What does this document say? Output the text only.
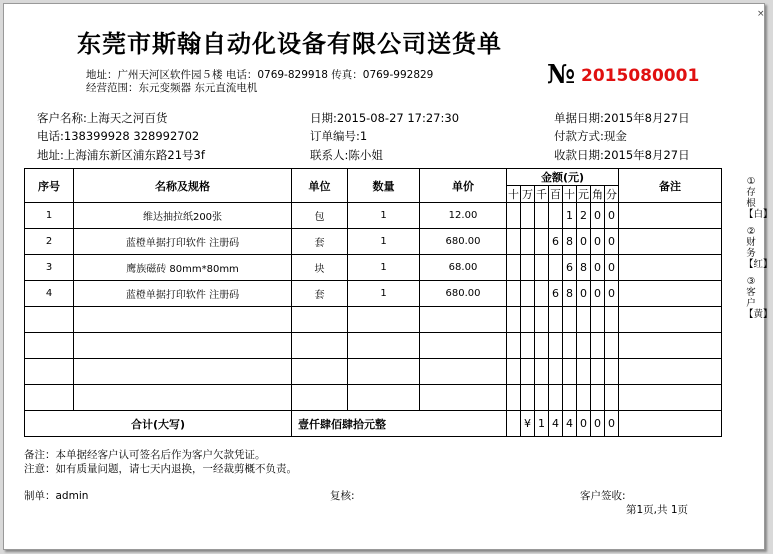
×
东莞市斯翰自动化设备有限公司送货单
地址：广州天河区软件园５楼 电话：0769-829918 传真：0769-992829
经营范围：东元变频器 东元直流电机	№ 2015080001
客户名称:上海天之河百货
电话:138399928 328992702
地址:上海浦东新区浦东路21号3f
日期:2015-08-27 17:27:30
订单编号:1
联系人:陈小姐
单据日期:2015年8月27日
付款方式:现金
收款日期:2015年8月27日
序号	名称及规格	单位	数量	单价	金额(元)								备注
					十	万	千	百	十	元	角	分	
1	维达抽拉纸200张	包	1	12.00					1	2	0	0	
2	蓝橙单据打印软件 注册码	套	1	680.00				6	8	0	0	0	
3	鹰族磁砖 80mm*80mm	块	1	68.00					6	8	0	0	
4	蓝橙单据打印软件 注册码	套	1	680.00				6	8	0	0	0	

合计(大写)		壹仟肆佰肆拾元整				¥	1	4	4	0	0	0	
备注：本单据经客户认可签名后作为客户欠款凭证。
注意：如有质量问题，请七天内退换，一经裁剪概不负责。
制单：admin	复核:	客户签收:
第1页,共 1页
①存根【白】
②财务【红】
③客户【黄】
